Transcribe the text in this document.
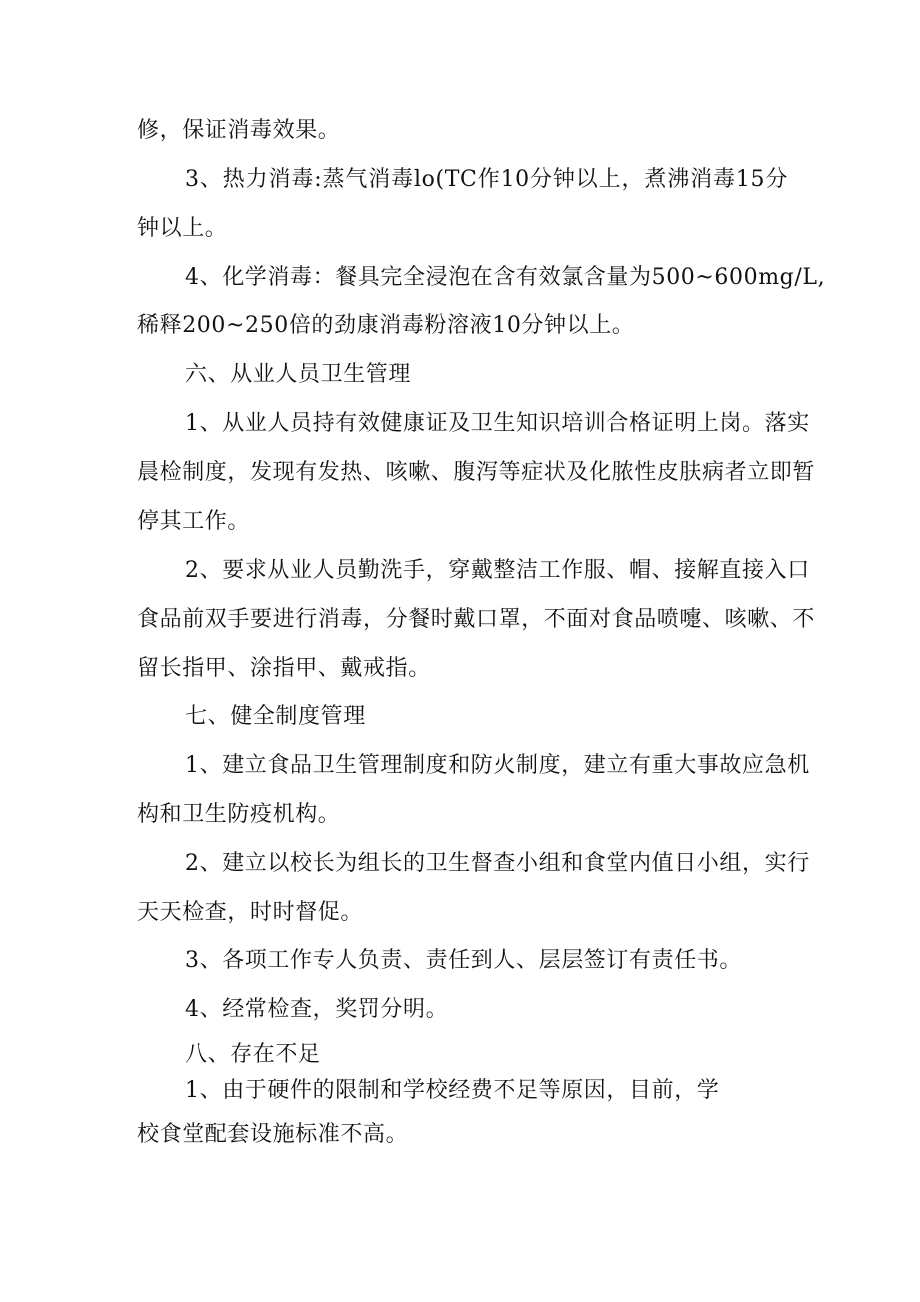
修，保证消毒效果。
3、热力消毒:蒸气消毒lo(TC作10分钟以上，煮沸消毒15分
钟以上。
4、化学消毒：餐具完全浸泡在含有效氯含量为500~600mg/L,
稀释200~250倍的劲康消毒粉溶液10分钟以上。
六、从业人员卫生管理
1、从业人员持有效健康证及卫生知识培训合格证明上岗。落实
晨检制度，发现有发热、咳嗽、腹泻等症状及化脓性皮肤病者立即暂
停其工作。
2、要求从业人员勤洗手，穿戴整洁工作服、帽、接解直接入口
食品前双手要进行消毒，分餐时戴口罩，不面对食品喷嚏、咳嗽、不
留长指甲、涂指甲、戴戒指。
七、健全制度管理
1、建立食品卫生管理制度和防火制度，建立有重大事故应急机
构和卫生防疫机构。
2、建立以校长为组长的卫生督查小组和食堂内值日小组，实行
天天检查，时时督促。
3、各项工作专人负责、责任到人、层层签订有责任书。
4、经常检查，奖罚分明。
八、存在不足
1、由于硬件的限制和学校经费不足等原因，目前，学
校食堂配套设施标准不高。
